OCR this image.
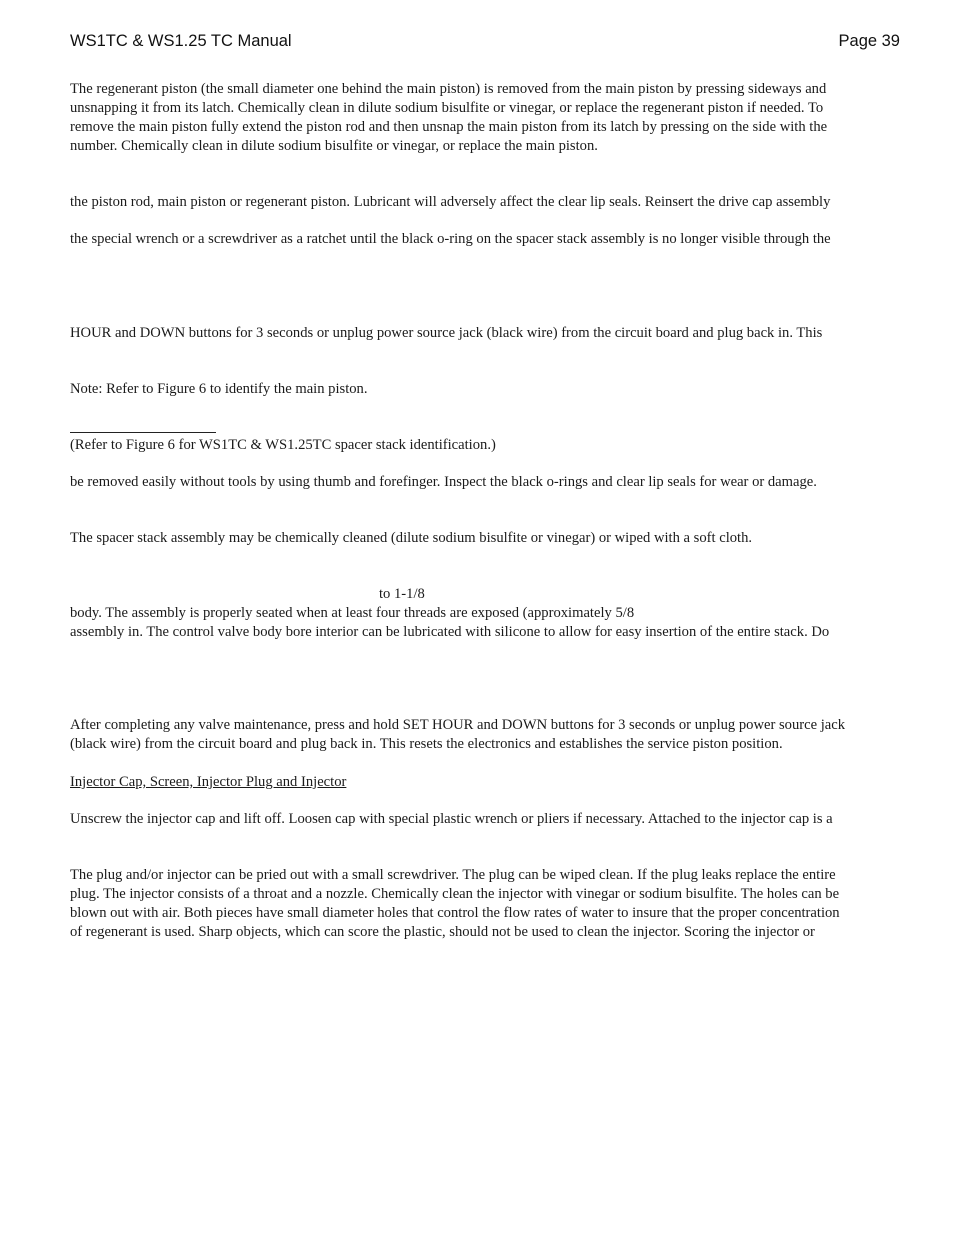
WS1TC & WS1.25 TC Manual	Page 39
The regenerant piston (the small diameter one behind the main piston) is removed from the main piston by pressing sideways and
unsnapping it from its latch. Chemically clean in dilute sodium bisulfite or vinegar, or replace the regenerant piston if needed. To
remove the main piston fully extend the piston rod and then unsnap the main piston from its latch by pressing on the side with the
number. Chemically clean in dilute sodium bisulfite or vinegar, or replace the main piston.
the piston rod, main piston or regenerant piston. Lubricant will adversely affect the clear lip seals. Reinsert the drive cap assembly
the special wrench or a screwdriver as a ratchet until the black o-ring on the spacer stack assembly is no longer visible through the
HOUR and DOWN buttons for 3 seconds or unplug power source jack (black wire) from the circuit board and plug back in. This
Note: Refer to Figure 6 to identify the main piston.
(Refer to Figure 6 for WS1TC & WS1.25TC spacer stack identification.)
be removed easily without tools by using thumb and forefinger. Inspect the black o-rings and clear lip seals for wear or damage.
The spacer stack assembly may be chemically cleaned (dilute sodium bisulfite or vinegar) or wiped with a soft cloth.
to 1-1/8
body. The assembly is properly seated when at least four threads are exposed (approximately 5/8
assembly in. The control valve body bore interior can be lubricated with silicone to allow for easy insertion of the entire stack. Do
After completing any valve maintenance, press and hold SET HOUR and DOWN buttons for 3 seconds or unplug power source jack
(black wire) from the circuit board and plug back in. This resets the electronics and establishes the service piston position.
Injector Cap, Screen, Injector Plug and Injector
Unscrew the injector cap and lift off. Loosen cap with special plastic wrench or pliers if necessary. Attached to the injector cap is a
The plug and/or injector can be pried out with a small screwdriver. The plug can be wiped clean. If the plug leaks replace the entire
plug. The injector consists of a throat and a nozzle. Chemically clean the injector with vinegar or sodium bisulfite. The holes can be
blown out with air. Both pieces have small diameter holes that control the flow rates of water to insure that the proper concentration
of regenerant is used. Sharp objects, which can score the plastic, should not be used to clean the injector. Scoring the injector or
